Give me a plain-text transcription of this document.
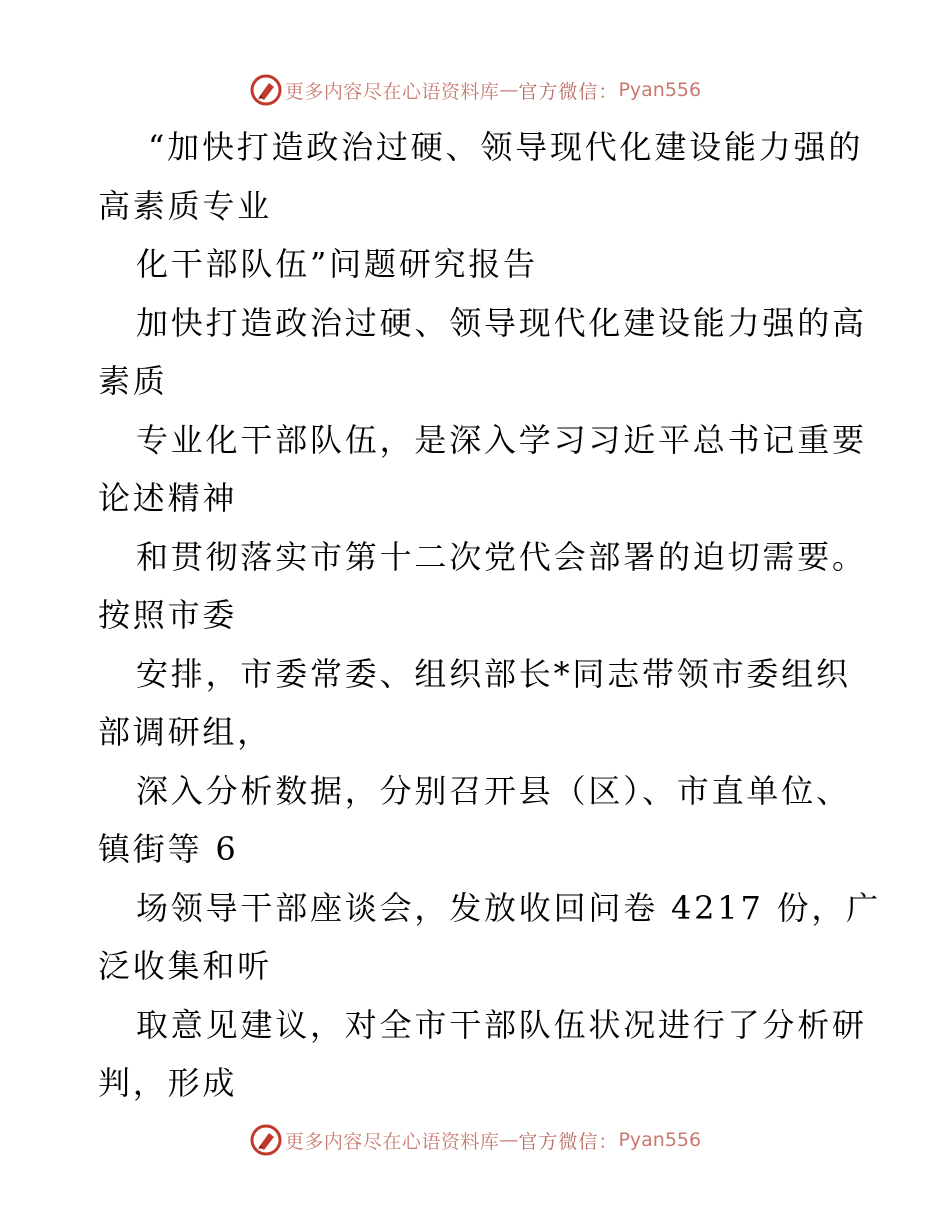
更多内容尽在心语资料库 — 官方微信： Pyan556
“加快打造政治过硬、领导现代化建设能力强的
高素质专业
化干部队伍”问题研究报告
加快打造政治过硬、领导现代化建设能力强的高
素质
专业化干部队伍，是深入学习习近平总书记重要
论述精神
和贯彻落实市第十二次党代会部署的迫切需要。
按照市委
安排，市委常委、组织部长*同志带领市委组织
部调研组，
深入分析数据，分别召开县（区）、市直单位、
镇街等 6
场领导干部座谈会，发放收回问卷 4217 份，广
泛收集和听
取意见建议，对全市干部队伍状况进行了分析研
判，形成
更多内容尽在心语资料库 — 官方微信： Pyan556
